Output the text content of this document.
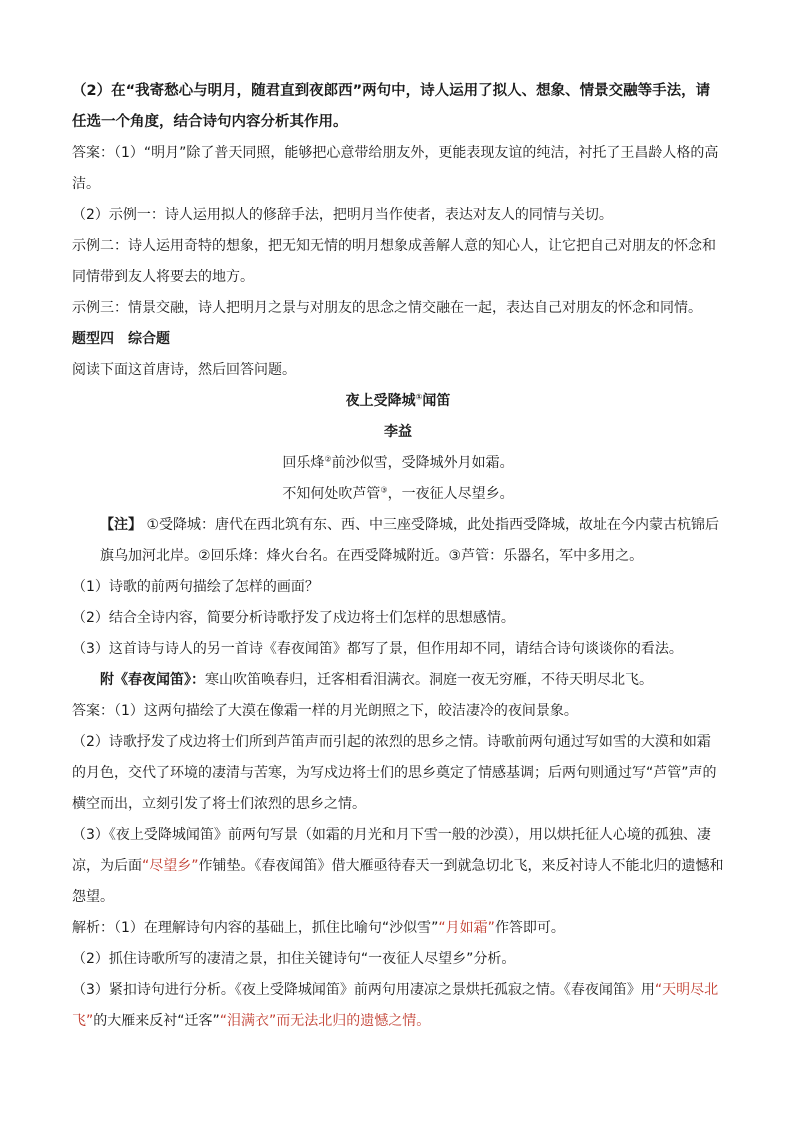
（2）在“我寄愁心与明月，随君直到夜郎西”两句中，诗人运用了拟人、想象、情景交融等手法，请任选一个角度，结合诗句内容分析其作用。

答案：（1）“明月”除了普天同照，能够把心意带给朋友外，更能表现友谊的纯洁，衬托了王昌龄人格的高洁。

（2）示例一：诗人运用拟人的修辞手法，把明月当作使者，表达对友人的同情与关切。

示例二：诗人运用奇特的想象，把无知无情的明月想象成善解人意的知心人，让它把自己对朋友的怀念和同情带到友人将要去的地方。

示例三：情景交融，诗人把明月之景与对朋友的思念之情交融在一起，表达自己对朋友的怀念和同情。

题型四　综合题

阅读下面这首唐诗，然后回答问题。

夜上受降城①闻笛

李益

回乐烽②前沙似雪，受降城外月如霜。

不知何处吹芦管③，一夜征人尽望乡。

【注】 ①受降城：唐代在西北筑有东、西、中三座受降城，此处指西受降城，故址在今内蒙古杭锦后旗乌加河北岸。②回乐烽：烽火台名。在西受降城附近。③芦管：乐器名，军中多用之。

（1）诗歌的前两句描绘了怎样的画面？

（2）结合全诗内容，简要分析诗歌抒发了戍边将士们怎样的思想感情。

（3）这首诗与诗人的另一首诗《春夜闻笛》都写了景，但作用却不同，请结合诗句谈谈你的看法。

附《春夜闻笛》：寒山吹笛唤春归，迁客相看泪满衣。洞庭一夜无穷雁，不待天明尽北飞。

答案：（1）这两句描绘了大漠在像霜一样的月光朗照之下，皎洁凄冷的夜间景象。

（2）诗歌抒发了戍边将士们所到芦笛声而引起的浓烈的思乡之情。诗歌前两句通过写如雪的大漠和如霜的月色，交代了环境的凄清与苦寒，为写戍边将士们的思乡奠定了情感基调；后两句则通过写“芦管”声的横空而出，立刻引发了将士们浓烈的思乡之情。

（3）《夜上受降城闻笛》前两句写景（如霜的月光和月下雪一般的沙漠），用以烘托征人心境的孤独、凄凉，为后面“尽望乡”作铺垫。《春夜闻笛》借大雁亟待春天一到就急切北飞，来反衬诗人不能北归的遗憾和怨望。

解析：（1）在理解诗句内容的基础上，抓住比喻句“沙似雪”“月如霜”作答即可。

（2）抓住诗歌所写的凄清之景，扣住关键诗句“一夜征人尽望乡”分析。

（3）紧扣诗句进行分析。《夜上受降城闻笛》前两句用凄凉之景烘托孤寂之情。《春夜闻笛》用“天明尽北飞”的大雁来反衬“迁客”“泪满衣”而无法北归的遗憾之情。
